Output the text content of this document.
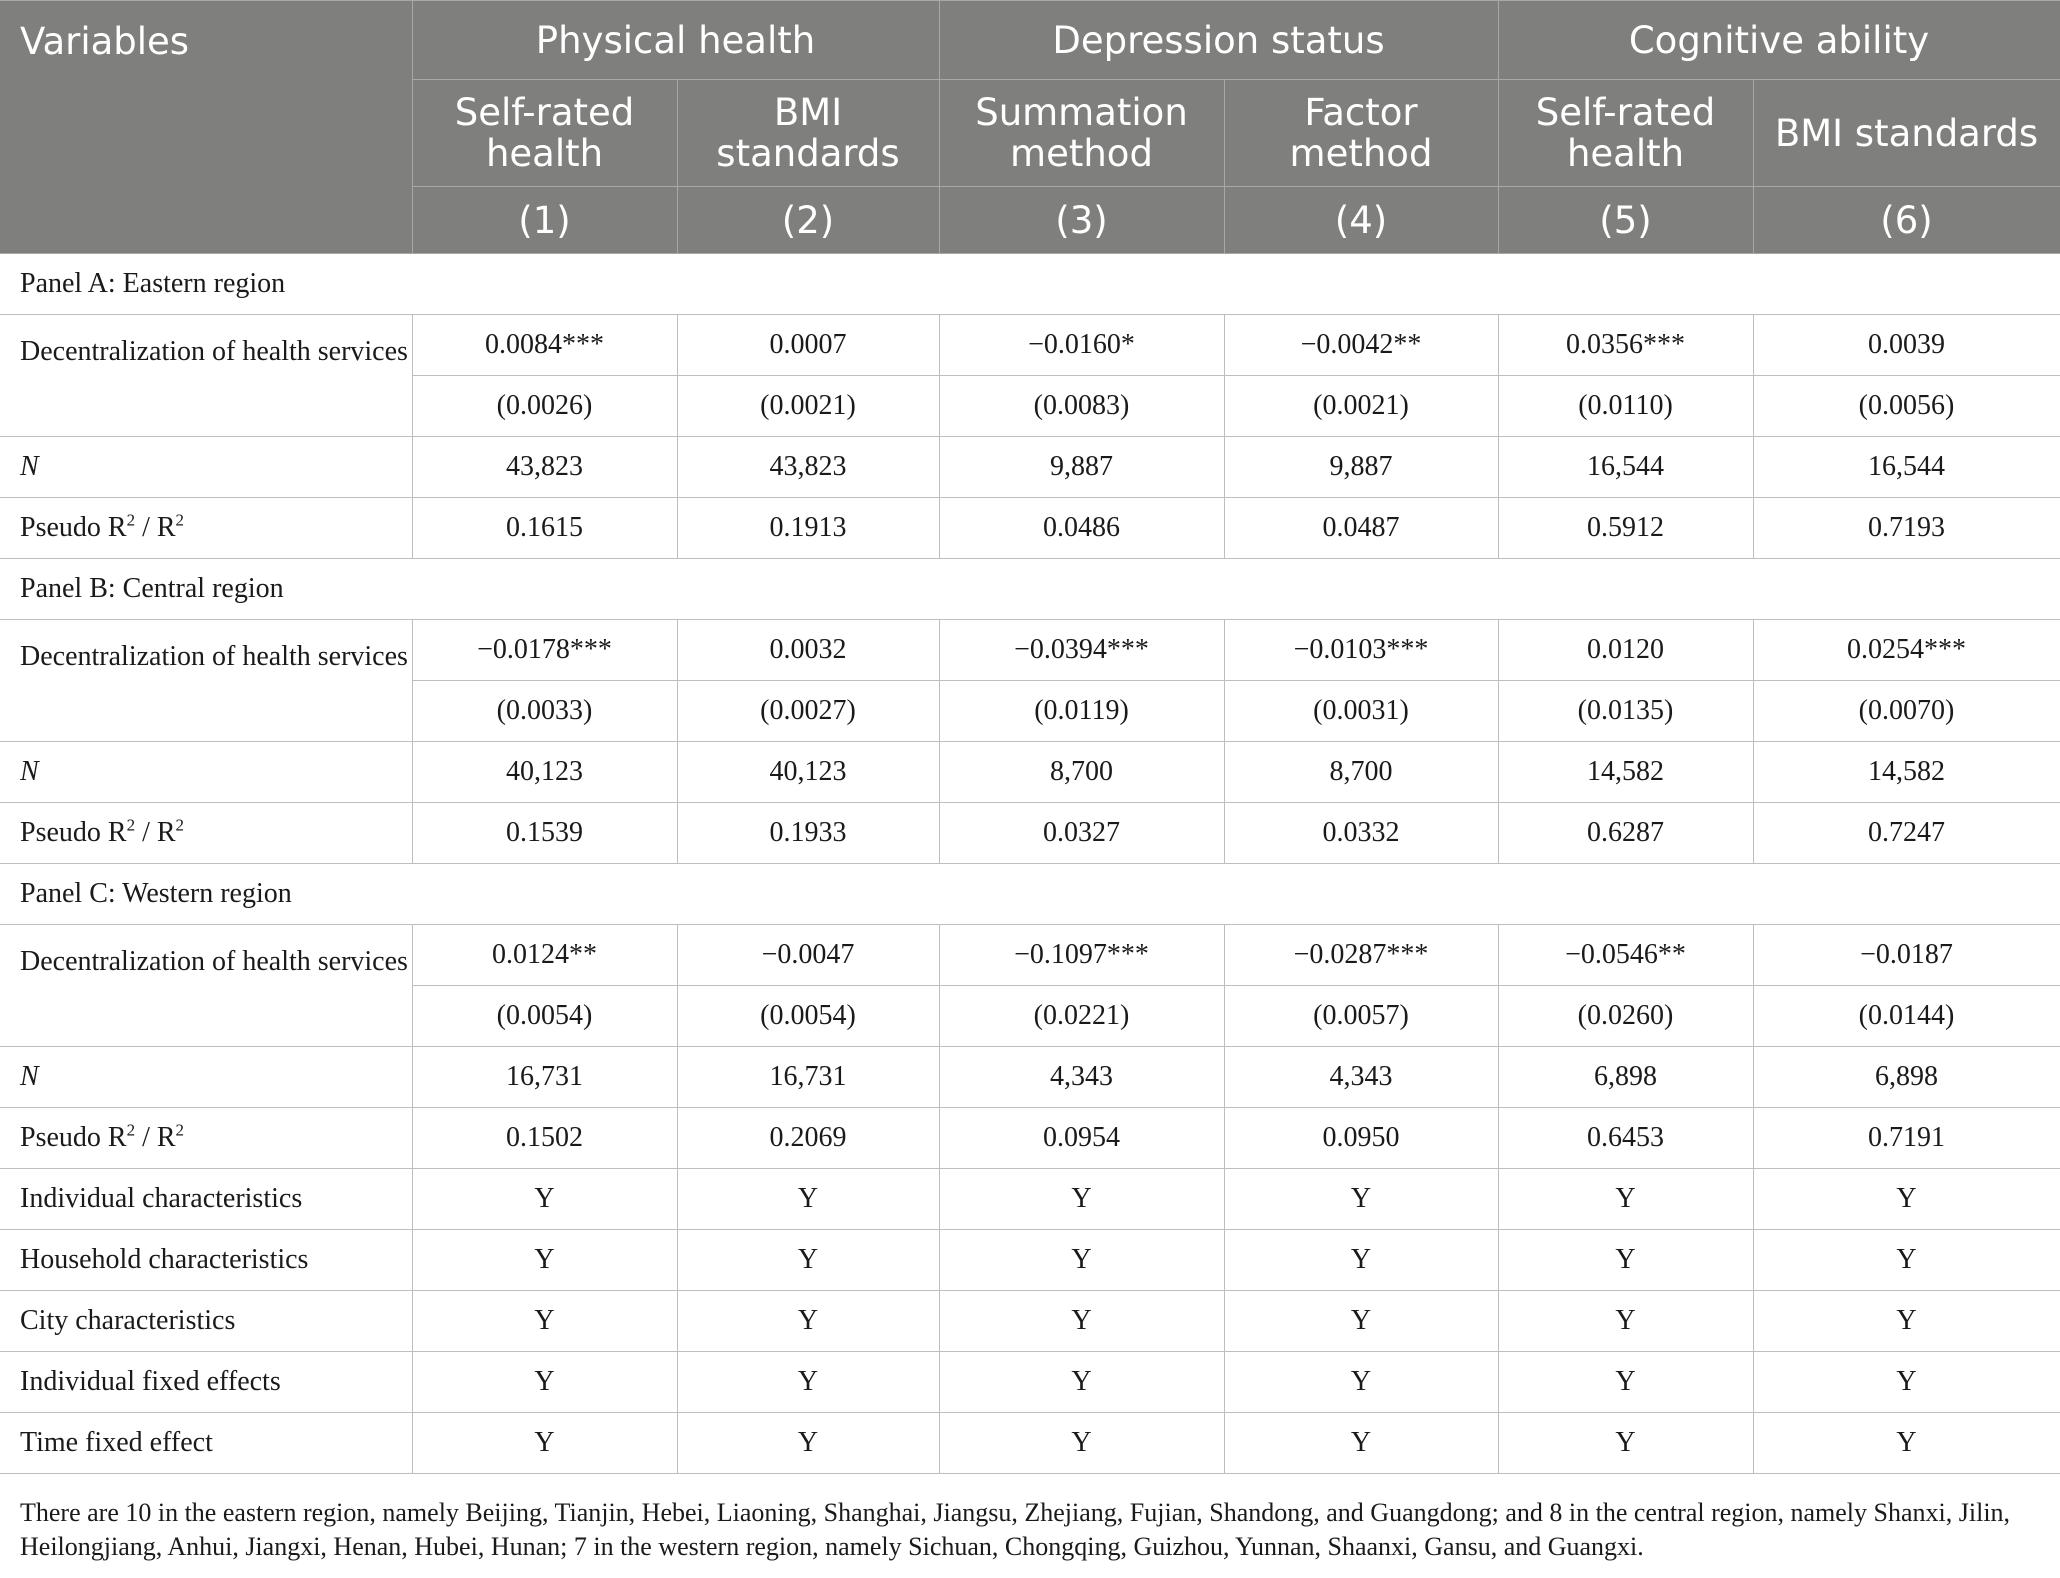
Variables	Physical health		Depression status		Cognitive ability	
	Self-rated health	BMI standards	Summation method	Factor method	Self-rated health	BMI standards
	(1)	(2)	(3)	(4)	(5)	(6)
Panel A: Eastern region						
Decentralization of health services	0.0084***	0.0007	−0.0160*	−0.0042**	0.0356***	0.0039
	(0.0026)	(0.0021)	(0.0083)	(0.0021)	(0.0110)	(0.0056)
N	43,823	43,823	9,887	9,887	16,544	16,544
Pseudo $R^2 / R^2$	0.1615	0.1913	0.0486	0.0487	0.5912	0.7193
Panel B: Central region						
Decentralization of health services	−0.0178***	0.0032	−0.0394***	−0.0103***	0.0120	0.0254***
	(0.0033)	(0.0027)	(0.0119)	(0.0031)	(0.0135)	(0.0070)
N	40,123	40,123	8,700	8,700	14,582	14,582
Pseudo $R^2 / R^2$	0.1539	0.1933	0.0327	0.0332	0.6287	0.7247
Panel C: Western region						
Decentralization of health services	0.0124**	−0.0047	−0.1097***	−0.0287***	−0.0546**	−0.0187
	(0.0054)	(0.0054)	(0.0221)	(0.0057)	(0.0260)	(0.0144)
N	16,731	16,731	4,343	4,343	6,898	6,898
Pseudo $R^2 / R^2$	0.1502	0.2069	0.0954	0.0950	0.6453	0.7191
Individual characteristics	Y	Y	Y	Y	Y	Y
Household characteristics	Y	Y	Y	Y	Y	Y
City characteristics	Y	Y	Y	Y	Y	Y
Individual fixed effects	Y	Y	Y	Y	Y	Y
Time fixed effect	Y	Y	Y	Y	Y	Y
There are 10 in the eastern region, namely Beijing, Tianjin, Hebei, Liaoning, Shanghai, Jiangsu, Zhejiang, Fujian, Shandong, and Guangdong; and 8 in the central region, namely Shanxi, Jilin, Heilongjiang, Anhui, Jiangxi, Henan, Hubei, Hunan; 7 in the western region, namely Sichuan, Chongqing, Guizhou, Yunnan, Shaanxi, Gansu, and Guangxi.
